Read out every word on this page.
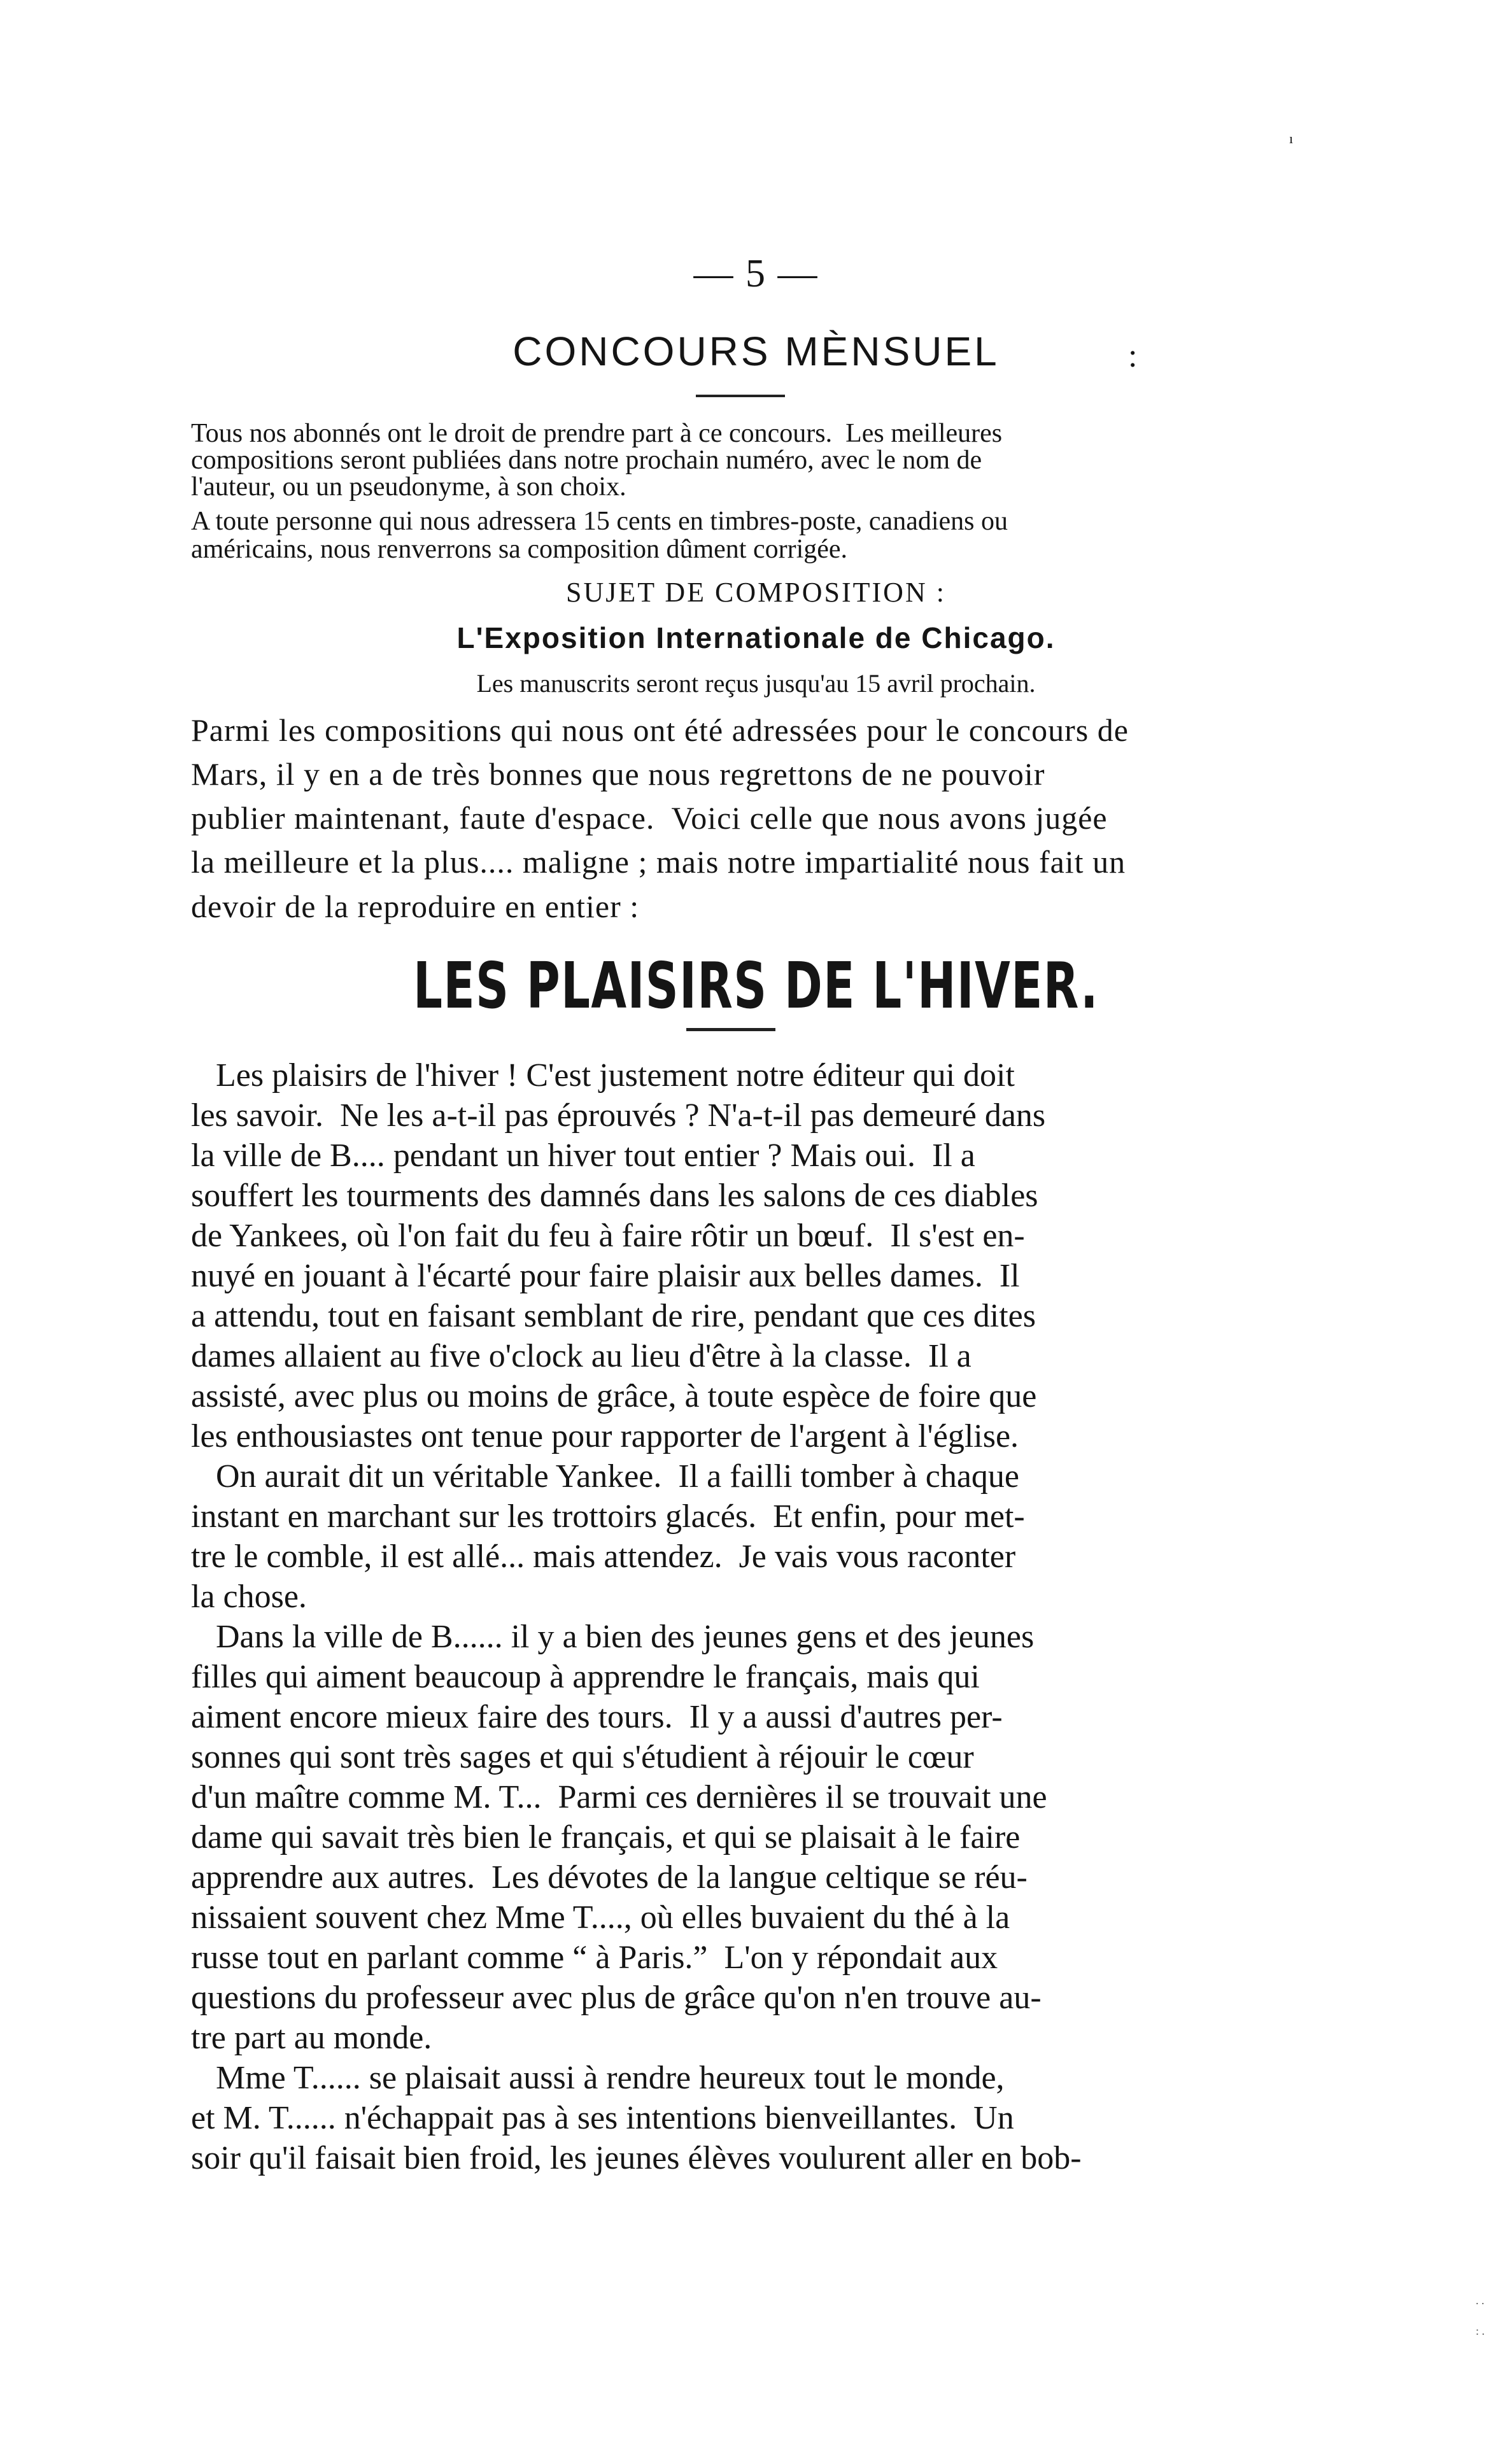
ı
— 5 —
CONCOURS MÈNSUEL	:
Tous nos abonnés ont le droit de prendre part à ce concours.  Les meilleures
compositions seront publiées dans notre prochain numéro, avec le nom de
l'auteur, ou un pseudonyme, à son choix.
A toute personne qui nous adressera 15 cents en timbres-poste, canadiens ou
américains, nous renverrons sa composition dûment corrigée.
SUJET DE COMPOSITION :
L'Exposition Internationale de Chicago.
Les manuscrits seront reçus jusqu'au 15 avril prochain.
Parmi les compositions qui nous ont été adressées pour le concours de
Mars, il y en a de très bonnes que nous regrettons de ne pouvoir
publier maintenant, faute d'espace.  Voici celle que nous avons jugée
la meilleure et la plus.... maligne ; mais notre impartialité nous fait un
devoir de la reproduire en entier :
LES PLAISIRS DE L'HIVER.
Les plaisirs de l'hiver ! C'est justement notre éditeur qui doit
les savoir.  Ne les a-t-il pas éprouvés ? N'a-t-il pas demeuré dans
la ville de B.... pendant un hiver tout entier ? Mais oui.  Il a
souffert les tourments des damnés dans les salons de ces diables
de Yankees, où l'on fait du feu à faire rôtir un bœuf.  Il s'est en-
nuyé en jouant à l'écarté pour faire plaisir aux belles dames.  Il
a attendu, tout en faisant semblant de rire, pendant que ces dites
dames allaient au five o'clock au lieu d'être à la classe.  Il a
assisté, avec plus ou moins de grâce, à toute espèce de foire que
les enthousiastes ont tenue pour rapporter de l'argent à l'église.
On aurait dit un véritable Yankee.  Il a failli tomber à chaque
instant en marchant sur les trottoirs glacés.  Et enfin, pour met-
tre le comble, il est allé... mais attendez.  Je vais vous raconter
la chose.
Dans la ville de B...... il y a bien des jeunes gens et des jeunes
filles qui aiment beaucoup à apprendre le français, mais qui
aiment encore mieux faire des tours.  Il y a aussi d'autres per-
sonnes qui sont très sages et qui s'étudient à réjouir le cœur
d'un maître comme M. T...  Parmi ces dernières il se trouvait une
dame qui savait très bien le français, et qui se plaisait à le faire
apprendre aux autres.  Les dévotes de la langue celtique se réu-
nissaient souvent chez Mme T...., où elles buvaient du thé à la
russe tout en parlant comme “ à Paris.”  L'on y répondait aux
questions du professeur avec plus de grâce qu'on n'en trouve au-
tre part au monde.
Mme T...... se plaisait aussi à rendre heureux tout le monde,
et M. T...... n'échappait pas à ses intentions bienveillantes.  Un
soir qu'il faisait bien froid, les jeunes élèves voulurent aller en bob-
. . : .
